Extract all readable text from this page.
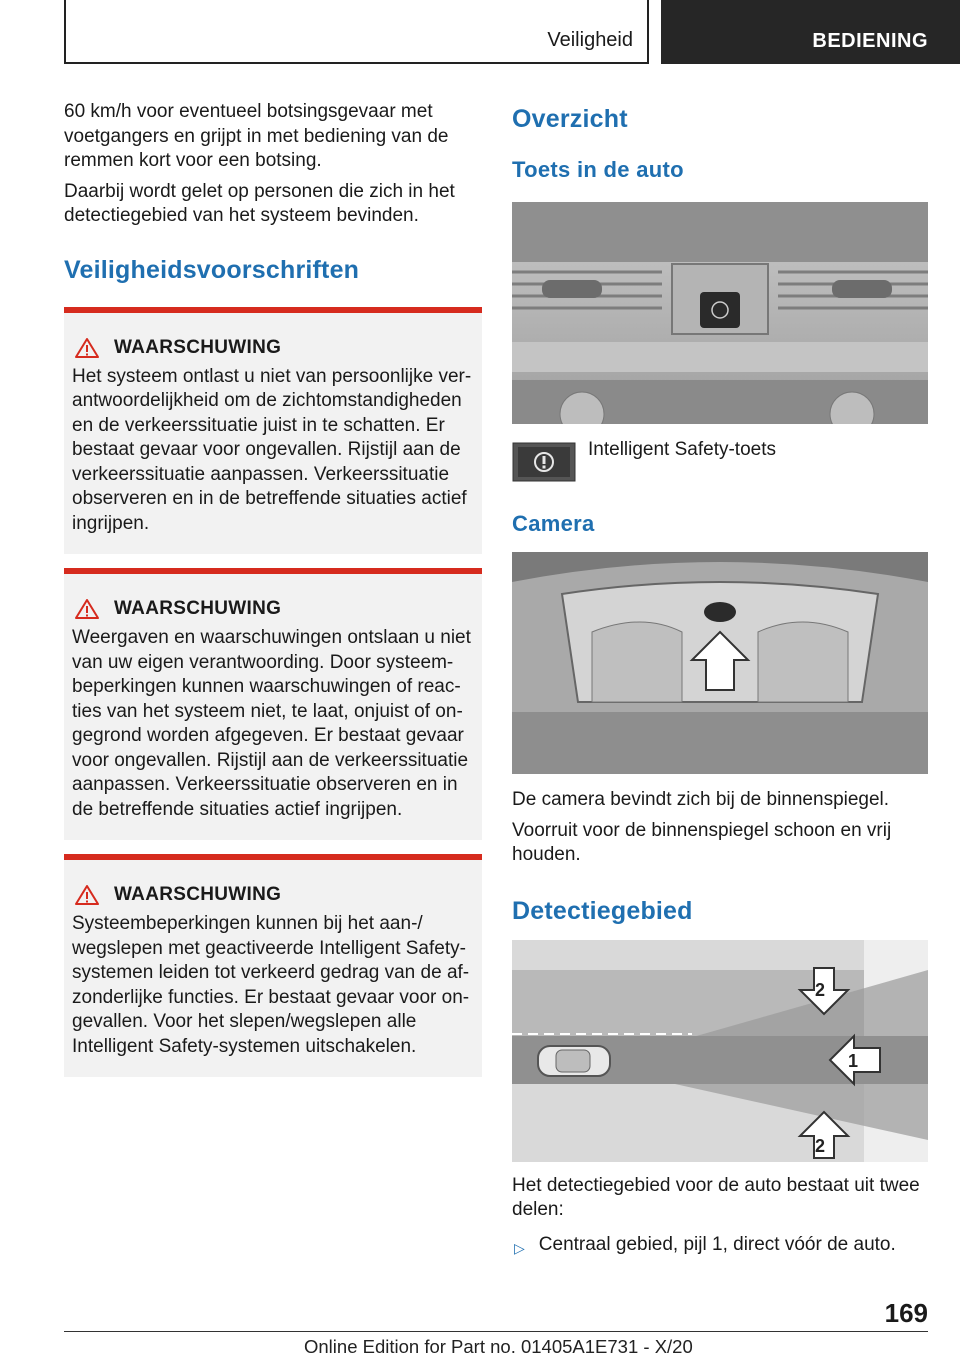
Veiligheid	BEDIENING

60 km/h voor eventueel botsingsgevaar met voetgangers en grijpt in met bediening van de remmen kort voor een botsing.

Daarbij wordt gelet op personen die zich in het detectiegebied van het systeem bevinden.

Veiligheidsvoorschriften
WAARSCHUWING

Het systeem ontlast u niet van persoonlijke verantwoordelijkheid om de zichtomstandigheden en de verkeerssituatie juist in te schatten. Er bestaat gevaar voor ongevallen. Rijstijl aan de verkeerssituatie aanpassen. Verkeerssituatie observeren en in de betreffende situaties actief ingrijpen.

WAARSCHUWING

Weergaven en waarschuwingen ontslaan u niet van uw eigen verantwoording. Door systeembeperkingen kunnen waarschuwingen of reacties van het systeem niet, te laat, onjuist of ongegrond worden afgegeven. Er bestaat gevaar voor ongevallen. Rijstijl aan de verkeerssituatie aanpassen. Verkeerssituatie observeren en in de betreffende situaties actief ingrijpen.

WAARSCHUWING

Systeembeperkingen kunnen bij het aan-/ wegslepen met geactiveerde Intelligent Safety-systemen leiden tot verkeerd gedrag van de afzonderlijke functies. Er bestaat gevaar voor ongevallen. Voor het slepen/wegslepen alle Intelligent Safety-systemen uitschakelen.

Overzicht
Toets in de auto
Intelligent Safety-toets
Camera

De camera bevindt zich bij de binnenspiegel.

Voorruit voor de binnenspiegel schoon en vrij houden.

Detectiegebied
2
1
2

Het detectiegebied voor de auto bestaat uit twee delen:

▷ Centraal gebied, pijl 1, direct vóór de auto.
169
Online Edition for Part no. 01405A1E731 - X/20
